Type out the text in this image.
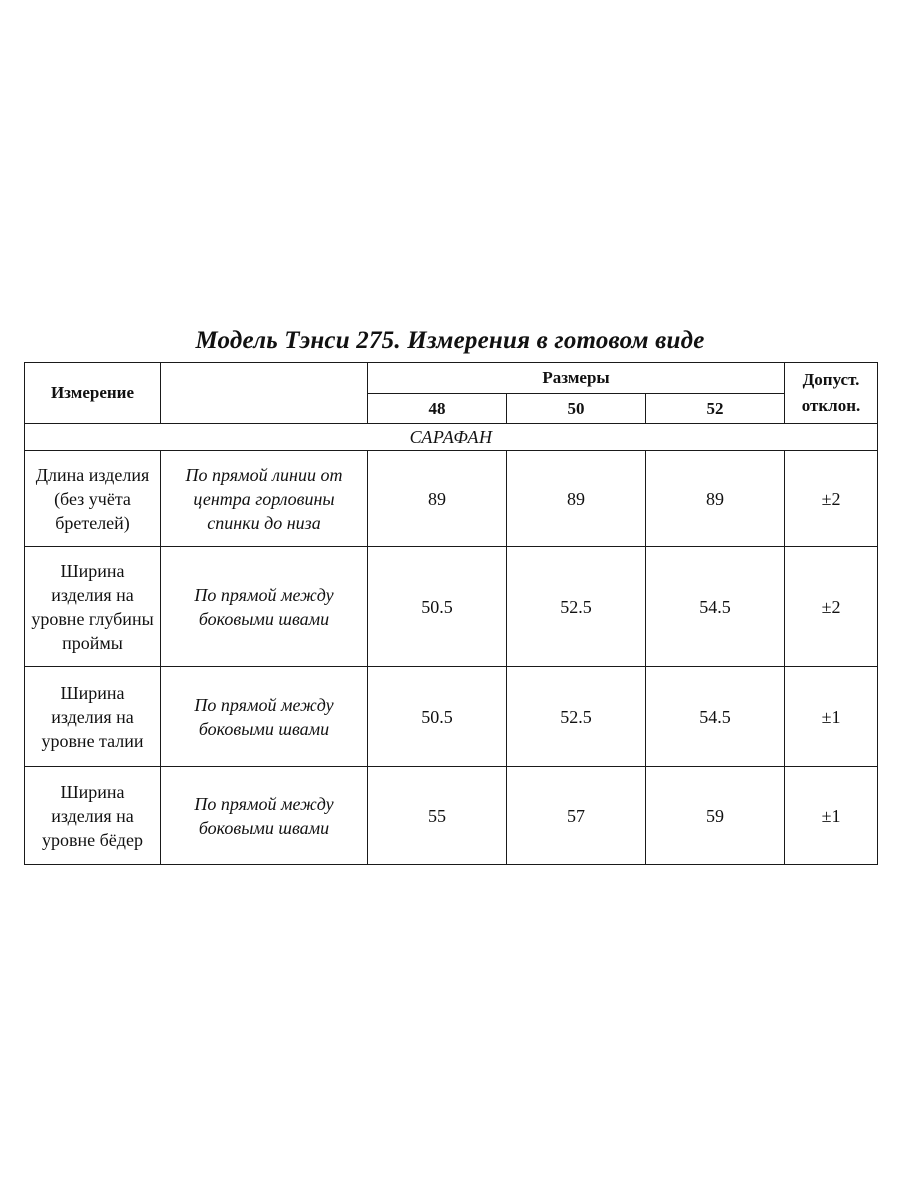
Модель Тэнси 275. Измерения в готовом виде
Измерение		Размеры			Допуст. отклон.
		48	50	52	
САРАФАН					
Длина изделия (без учёта бретелей)	По прямой линии от центра горловины спинки до низа	89	89	89	±2
Ширина изделия на уровне глубины проймы	По прямой между боковыми швами	50.5	52.5	54.5	±2
Ширина изделия на уровне талии	По прямой между боковыми швами	50.5	52.5	54.5	±1
Ширина изделия на уровне бёдер	По прямой между боковыми швами	55	57	59	±1
